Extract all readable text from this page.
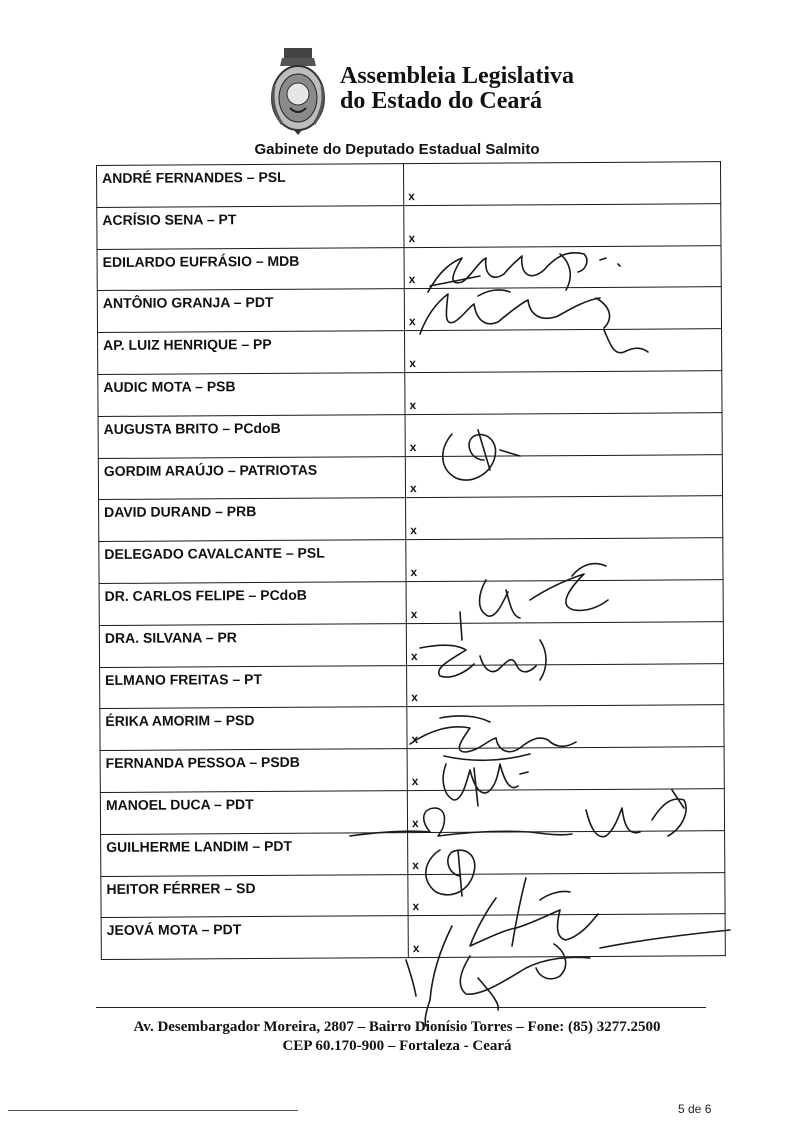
Assembleia Legislativa
do Estado do Ceará
Gabinete do Deputado Estadual Salmito
ANDRÉ FERNANDES – PSL	x

ACRÍSIO SENA – PT	x

EDILARDO EUFRÁSIO – MDB	x

ANTÔNIO GRANJA – PDT	x

AP. LUIZ HENRIQUE – PP	x

AUDIC MOTA – PSB	x

AUGUSTA BRITO – PCdoB	x

GORDIM ARAÚJO – PATRIOTAS	x

DAVID DURAND – PRB	x

DELEGADO CAVALCANTE – PSL	x

DR. CARLOS FELIPE – PCdoB	x

DRA. SILVANA – PR	x

ELMANO FREITAS – PT	x

ÉRIKA AMORIM – PSD	x

FERNANDA PESSOA – PSDB	x

MANOEL DUCA – PDT	x

GUILHERME LANDIM – PDT	x

HEITOR FÉRRER – SD	x

JEOVÁ MOTA – PDT	x
Av. Desembargador Moreira, 2807 – Bairro Dionísio Torres – Fone: (85) 3277.2500
CEP 60.170-900 – Fortaleza - Ceará
5 de 6
